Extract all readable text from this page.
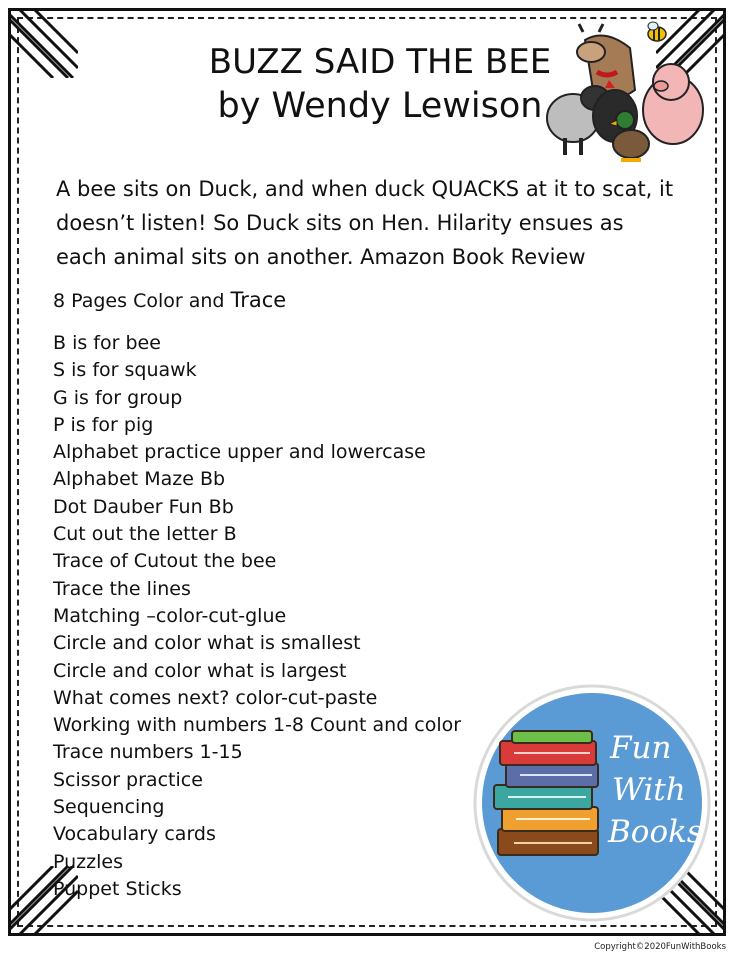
BUZZ SAID THE BEE
by Wendy Lewison
A bee sits on Duck, and when duck QUACKS at it to scat, it doesn’t listen! So Duck sits on Hen. Hilarity ensues as each animal sits on another. Amazon Book Review
8 Pages Color and Trace
B is for bee
S is for squawk
G is for group
P is for pig
Alphabet practice upper and lowercase
Alphabet Maze Bb
Dot Dauber Fun Bb
Cut out the letter B
Trace of Cutout the bee
Trace the lines
Matching –color-cut-glue
Circle and color what is smallest
Circle and color what is largest
What comes next? color-cut-paste
Working with numbers 1-8 Count and color
Trace numbers 1-15
Scissor practice
Sequencing
Vocabulary cards
Puzzles
Puppet Sticks
Fun
With
Books
Copyright©2020FunWithBooks
